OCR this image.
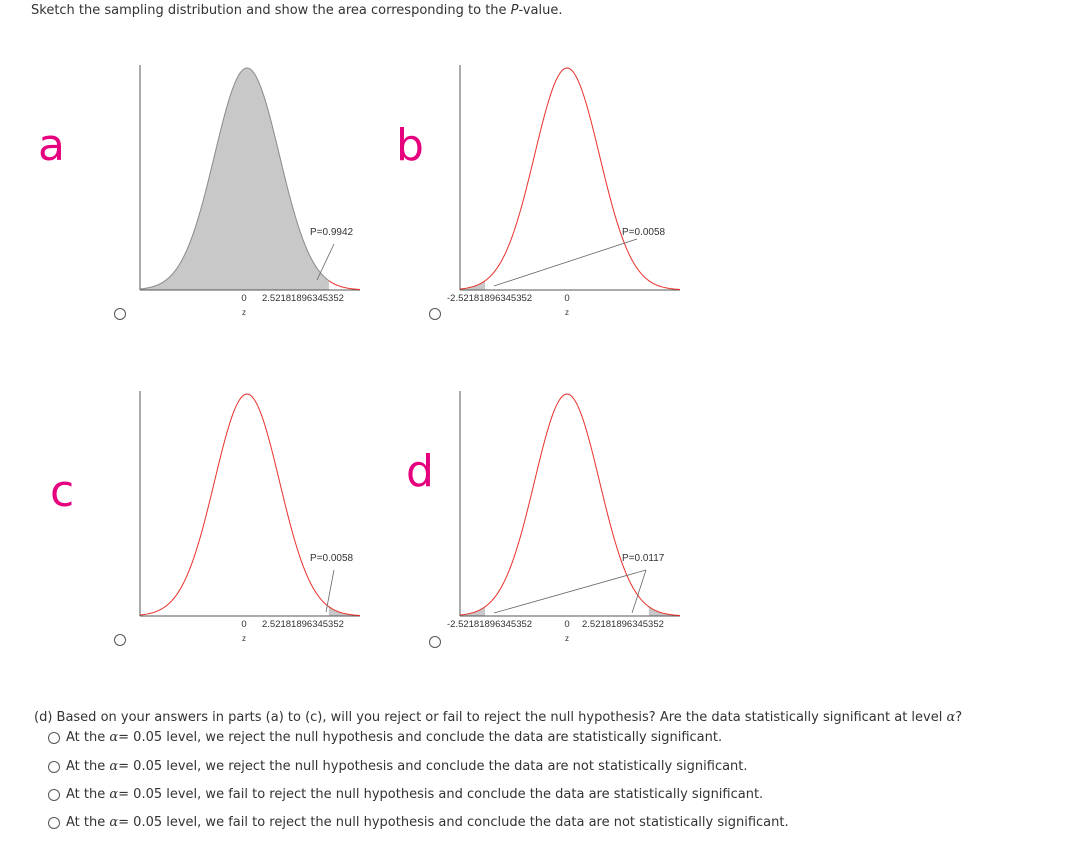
Sketch the sampling distribution and show the area corresponding to the P-value.
a
P=0.9942
0 2.52181896345352
z
b
P=0.0058
-2.52181896345352	0
z
c
P=0.0058
0 2.52181896345352
z
d
P=0.0117
-2.52181896345352	0 2.52181896345352
z
(d) Based on your answers in parts (a) to (c), will you reject or fail to reject the null hypothesis? Are the data statistically significant at level α?
At the
α = 0.05 level, we reject the null hypothesis and conclude the data are statistically significant.
At the
α = 0.05 level, we reject the null hypothesis and conclude the data are not statistically significant.
At the
α = 0.05 level, we fail to reject the null hypothesis and conclude the data are statistically significant.
At the
α = 0.05 level, we fail to reject the null hypothesis and conclude the data are not statistically significant.
